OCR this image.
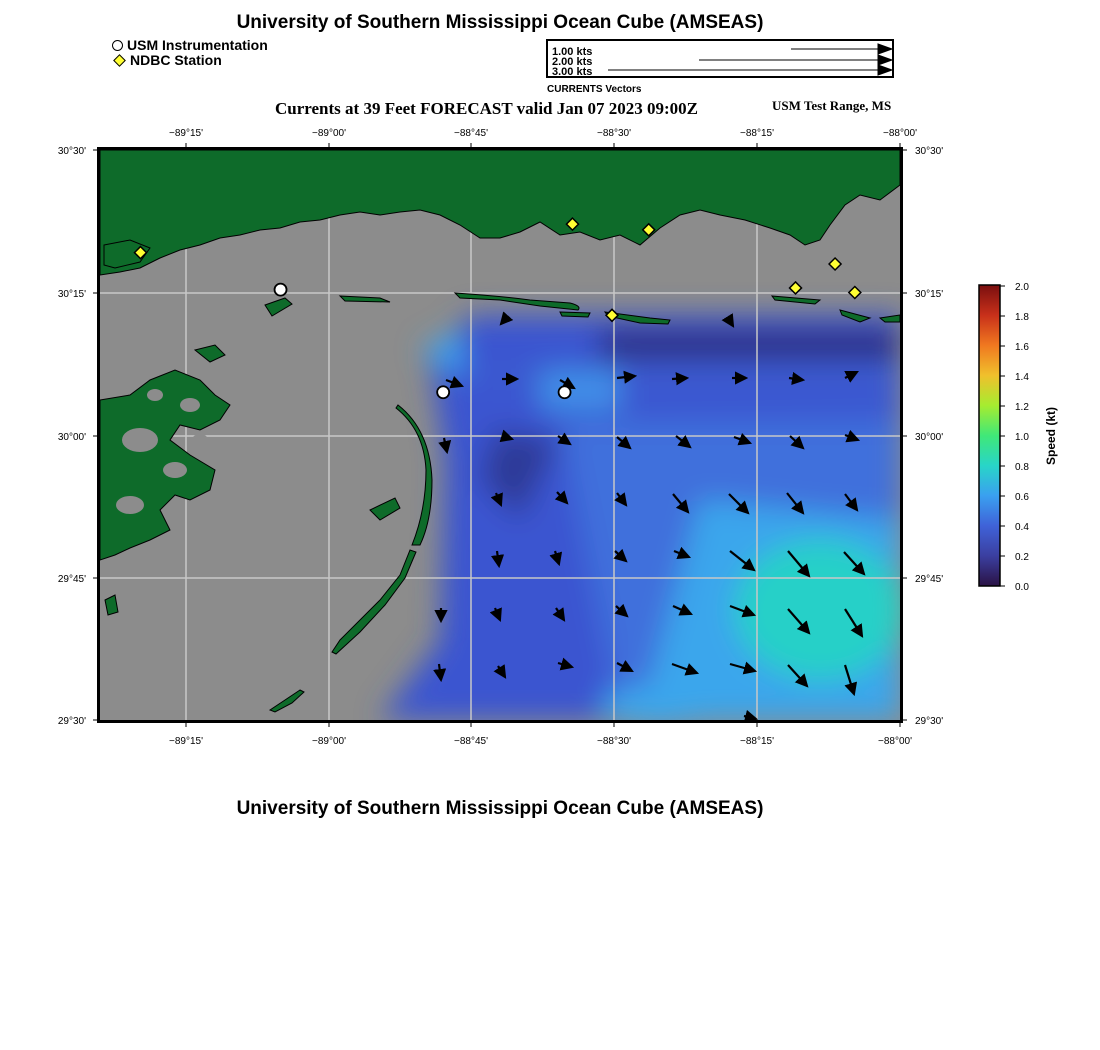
University of Southern Mississippi Ocean Cube (AMSEAS)
USM Instrumentation
NDBC Station	1.00 kts
2.00 kts
3.00 kts
CURRENTS Vectors
Currents at 39 Feet FORECAST valid Jan 07 2023 09:00Z	USM Test Range, MS
−89°15'	−89°00'	−88°45'	−88°30'	−88°15'	−88°00'
−89°15'	−89°00'	−88°45'	−88°30'	−88°15'	−88°00'
30°30'
30°15'
30°00'
29°45'
29°30'
30°30'
30°15'
30°00'
29°45'
29°30'
2.0
1.8
1.6
1.4
1.2
1.0
0.8
0.6
0.4
0.2
0.0
Speed (kt)
University of Southern Mississippi Ocean Cube (AMSEAS)
